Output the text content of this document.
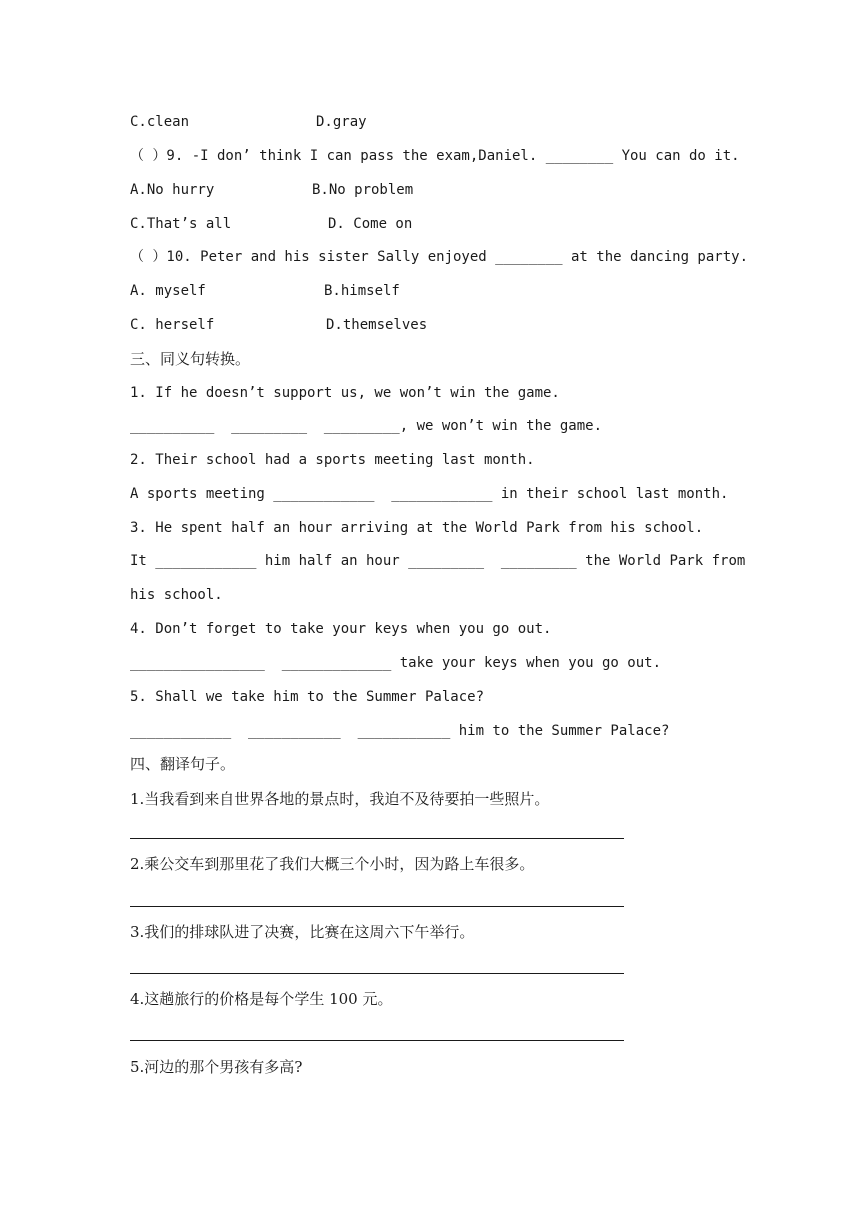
C.clean

	D.gray

（ ）9. -I don’ think I can pass the exam,Daniel. ________ You can do it.

A.No hurry

	B.No problem

C.That’s all

	D. Come on

（ ）10. Peter and his sister Sally enjoyed ________ at the dancing party.

A. myself

	B.himself

C. herself

	D.themselves

三、同义句转换。
1. If he doesn’t support us, we won’t win the game.
__________  _________  _________, we won’t win the game.
2. Their school had a sports meeting last month.
A sports meeting ____________  ____________ in their school last month.
3. He spent half an hour arriving at the World Park from his school.
It ____________ him half an hour _________  _________ the World Park from
his school.
4. Don’t forget to take your keys when you go out.
________________  _____________ take your keys when you go out.
5. Shall we take him to the Summer Palace?
____________  ___________  ___________ him to the Summer Palace?
四、翻译句子。
1.当我看到来自世界各地的景点时，我迫不及待要拍一些照片。
2.乘公交车到那里花了我们大概三个小时，因为路上车很多。
3.我们的排球队进了决赛，比赛在这周六下午举行。
4.这趟旅行的价格是每个学生 100 元。
5.河边的那个男孩有多高?
